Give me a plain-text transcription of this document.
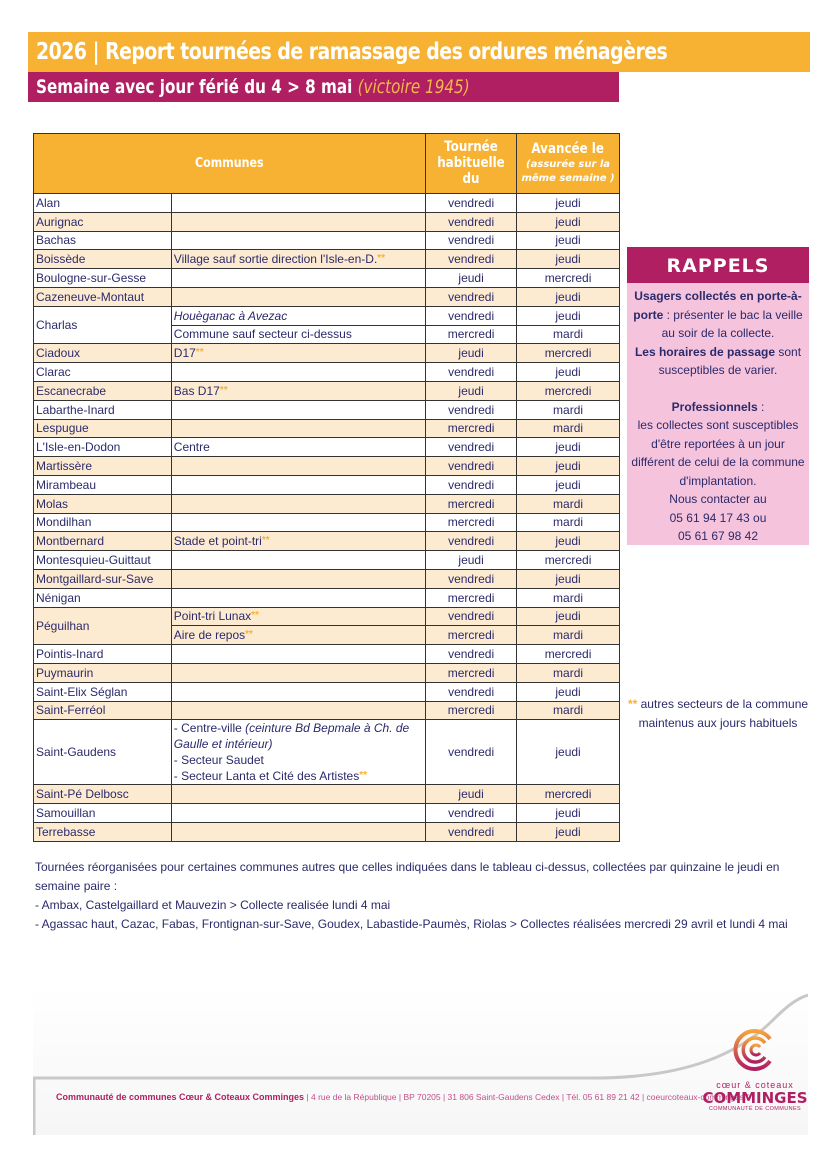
2026 | Report tournées de ramassage des ordures ménagères
Semaine avec jour férié du 4 > 8 mai (victoire 1945)
Communes		Tournée habituelle du	Avancée le
(assurée sur la même semaine )

Alan		vendredi	jeudi
Aurignac		vendredi	jeudi
Bachas		vendredi	jeudi
Boissède	Village sauf sortie direction l'Isle-en-D.**	vendredi	jeudi
Boulogne-sur-Gesse		jeudi	mercredi
Cazeneuve-Montaut		vendredi	jeudi
Charlas	Houèganac à Avezac	vendredi	jeudi
	Commune sauf secteur ci-dessus	mercredi	mardi
Ciadoux	D17**	jeudi	mercredi
Clarac		vendredi	jeudi
Escanecrabe	Bas D17**	jeudi	mercredi
Labarthe-Inard		vendredi	mardi
Lespugue		mercredi	mardi
L'Isle-en-Dodon	Centre	vendredi	jeudi
Martissère		vendredi	jeudi
Mirambeau		vendredi	jeudi
Molas		mercredi	mardi
Mondilhan		mercredi	mardi
Montbernard	Stade et point-tri**	vendredi	jeudi
Montesquieu-Guittaut		jeudi	mercredi
Montgaillard-sur-Save		vendredi	jeudi
Nénigan		mercredi	mardi
Péguilhan	Point-tri Lunax**	vendredi	jeudi
	Aire de repos**	mercredi	mardi
Pointis-Inard		vendredi	mercredi
Puymaurin		mercredi	mardi
Saint-Elix Séglan		vendredi	jeudi
Saint-Ferréol		mercredi	mardi
Saint-Gaudens	- Centre-ville (ceinture Bd Bepmale à Ch. de Gaulle et intérieur)
- Secteur Saudet
- Secteur Lanta et Cité des Artistes**	vendredi	jeudi
Saint-Pé Delbosc		jeudi	mercredi
Samouillan		vendredi	jeudi
Terrebasse		vendredi	jeudi
RAPPELS
Usagers collectés en porte-à-porte : présenter le bac la veille au soir de la collecte.
Les horaires de passage sont susceptibles de varier.
Professionnels :
les collectes sont susceptibles d'être reportées à un jour différent de celui de la commune d'implantation.
Nous contacter au
05 61 94 17 43 ou
05 61 67 98 42
** autres secteurs de la commune maintenus aux jours habituels
Tournées réorganisées pour certaines communes autres que celles indiquées dans le tableau ci-dessus, collectées par quinzaine le jeudi en semaine paire :
- Ambax, Castelgaillard et Mauvezin > Collecte realisée lundi 4 mai
- Agassac haut, Cazac, Fabas, Frontignan-sur-Save, Goudex, Labastide-Paumès, Riolas > Collectes réalisées mercredi 29 avril et lundi 4 mai
Communauté de communes Cœur & Coteaux Comminges | 4 rue de la République | BP 70205 | 31 806 Saint-Gaudens Cedex | Tél. 05 61 89 21 42 | coeurcoteaux-comminges.fr
cœur & coteaux
COMMINGES
COMMUNAUTÉ DE COMMUNES
